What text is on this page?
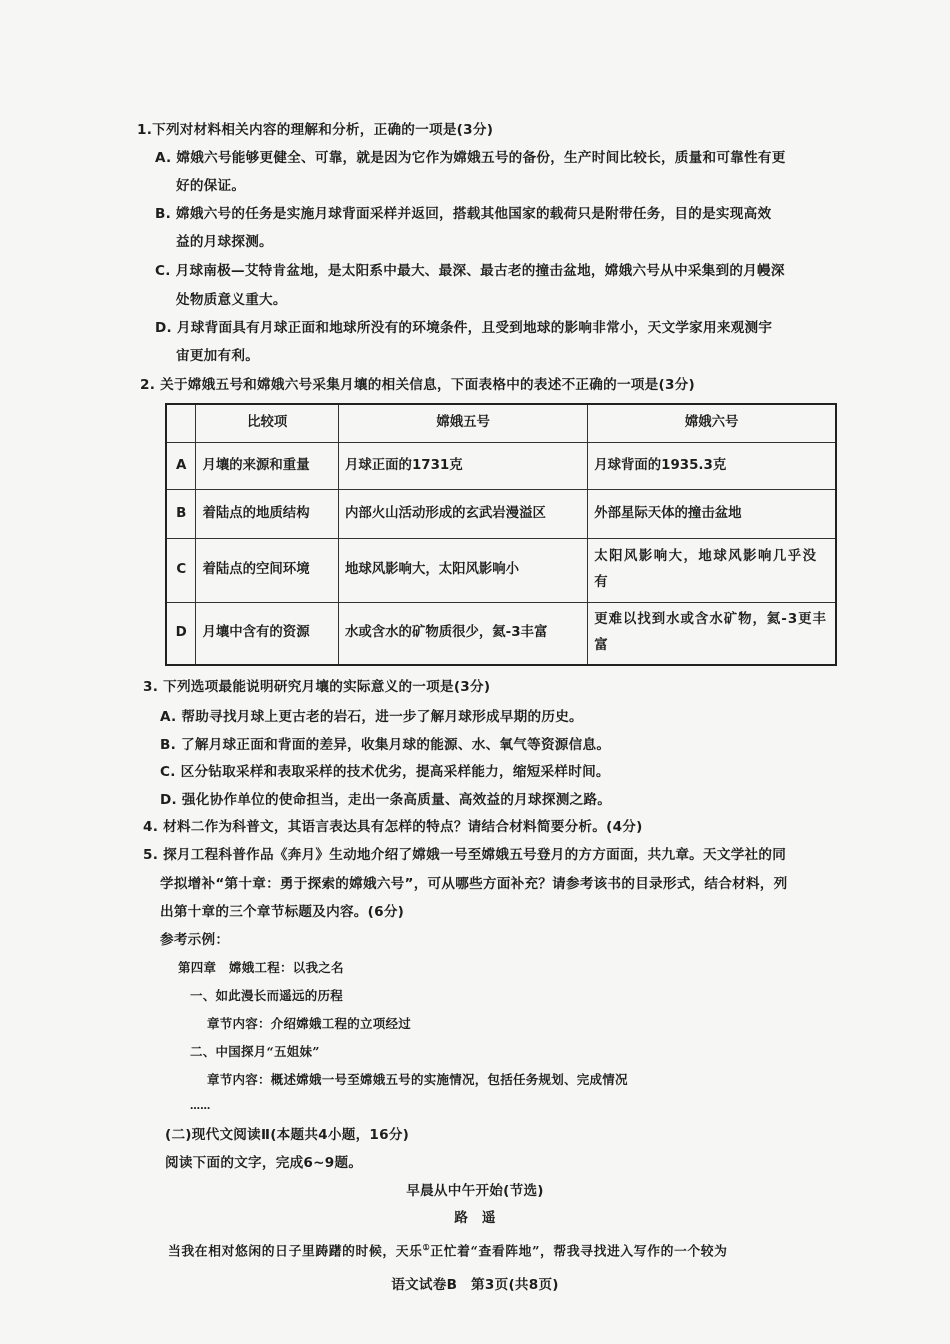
1.下列对材料相关内容的理解和分析，正确的一项是(3分)
A. 嫦娥六号能够更健全、可靠，就是因为它作为嫦娥五号的备份，生产时间比较长，质量和可靠性有更
好的保证。
B. 嫦娥六号的任务是实施月球背面采样并返回，搭载其他国家的载荷只是附带任务，目的是实现高效
益的月球探测。
C. 月球南极—艾特肯盆地，是太阳系中最大、最深、最古老的撞击盆地，嫦娥六号从中采集到的月幔深
处物质意义重大。
D. 月球背面具有月球正面和地球所没有的环境条件，且受到地球的影响非常小，天文学家用来观测宇
宙更加有利。
2. 关于嫦娥五号和嫦娥六号采集月壤的相关信息，下面表格中的表述不正确的一项是(3分)
	比较项	嫦娥五号	嫦娥六号
A	月壤的来源和重量	月球正面的1731克	月球背面的1935.3克
B	着陆点的地质结构	内部火山活动形成的玄武岩漫溢区	外部星际天体的撞击盆地
C	着陆点的空间环境	地球风影响大，太阳风影响小	太阳风影响大，地球风影响几乎没有
D	月壤中含有的资源	水或含水的矿物质很少，氦-3丰富	更难以找到水或含水矿物，氦-3更丰富
3. 下列选项最能说明研究月壤的实际意义的一项是(3分)
A. 帮助寻找月球上更古老的岩石，进一步了解月球形成早期的历史。
B. 了解月球正面和背面的差异，收集月球的能源、水、氧气等资源信息。
C. 区分钻取采样和表取采样的技术优劣，提高采样能力，缩短采样时间。
D. 强化协作单位的使命担当，走出一条高质量、高效益的月球探测之路。
4. 材料二作为科普文，其语言表达具有怎样的特点？请结合材料简要分析。(4分)
5. 探月工程科普作品《奔月》生动地介绍了嫦娥一号至嫦娥五号登月的方方面面，共九章。天文学社的同
学拟增补“第十章：勇于探索的嫦娥六号”，可从哪些方面补充？请参考该书的目录形式，结合材料，列
出第十章的三个章节标题及内容。(6分)
参考示例：
第四章　嫦娥工程：以我之名
一、如此漫长而遥远的历程
章节内容：介绍嫦娥工程的立项经过
二、中国探月“五姐妹”
章节内容：概述嫦娥一号至嫦娥五号的实施情况，包括任务规划、完成情况
……
(二)现代文阅读Ⅱ(本题共4小题，16分)
阅读下面的文字，完成6~9题。
早晨从中午开始(节选)
路　遥
当我在相对悠闲的日子里踌躇的时候，天乐①正忙着“查看阵地”，帮我寻找进入写作的一个较为
语文试卷B　第3页(共8页)
